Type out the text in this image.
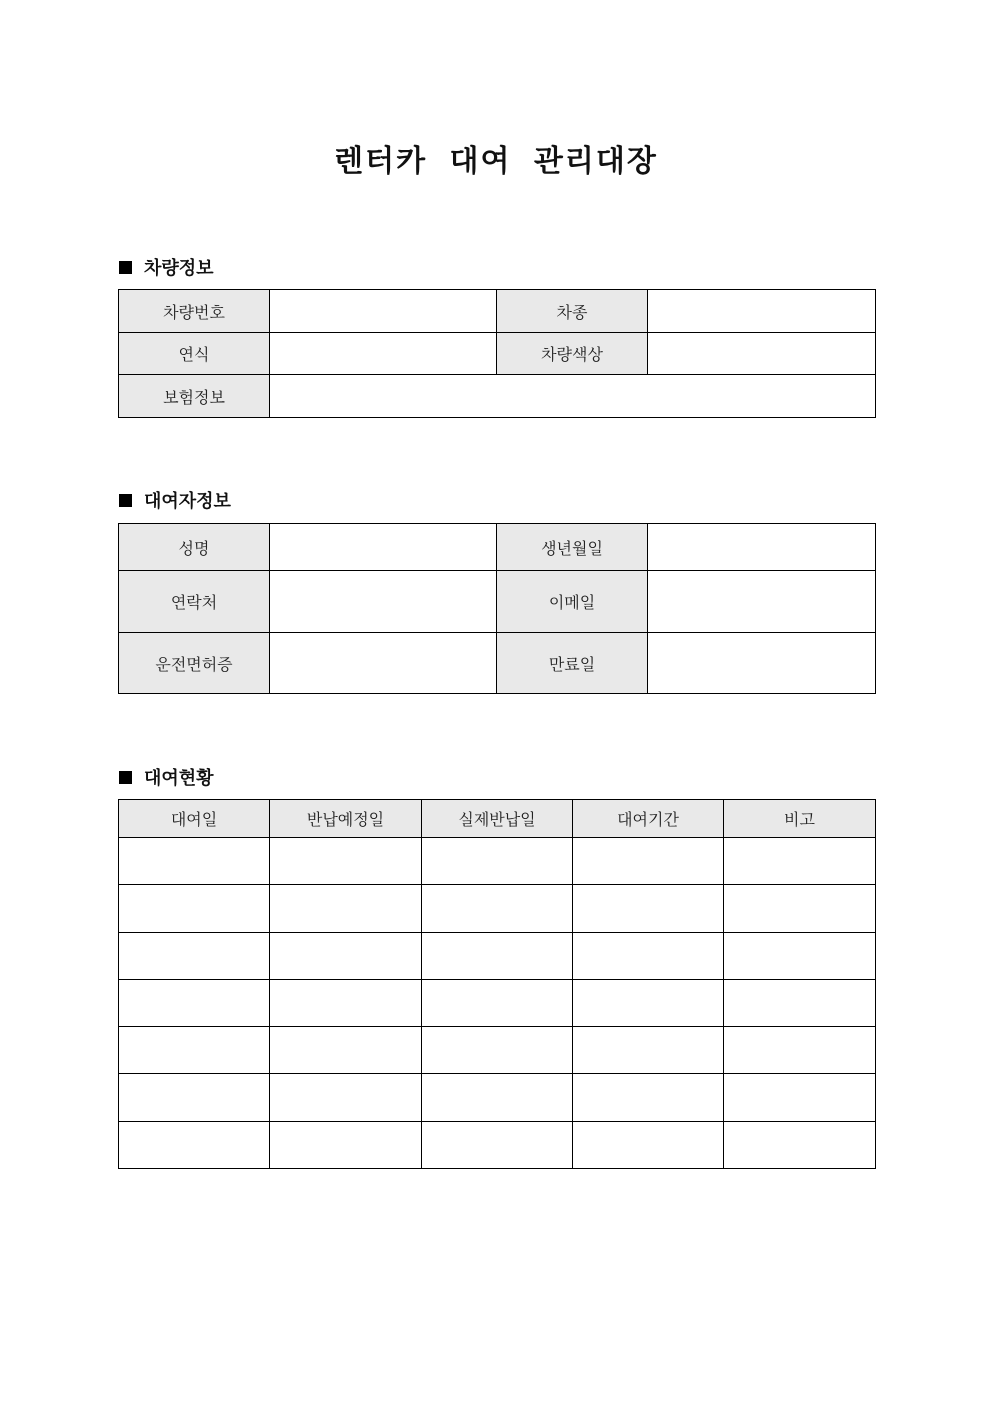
렌터카 대여 관리대장
차량정보
차량번호		차종	
연식		차량색상	
보험정보			
대여자정보
성명		생년월일	
연락처		이메일	
운전면허증		만료일	
대여현황
대여일	반납예정일	실제반납일	대여기간	비고
